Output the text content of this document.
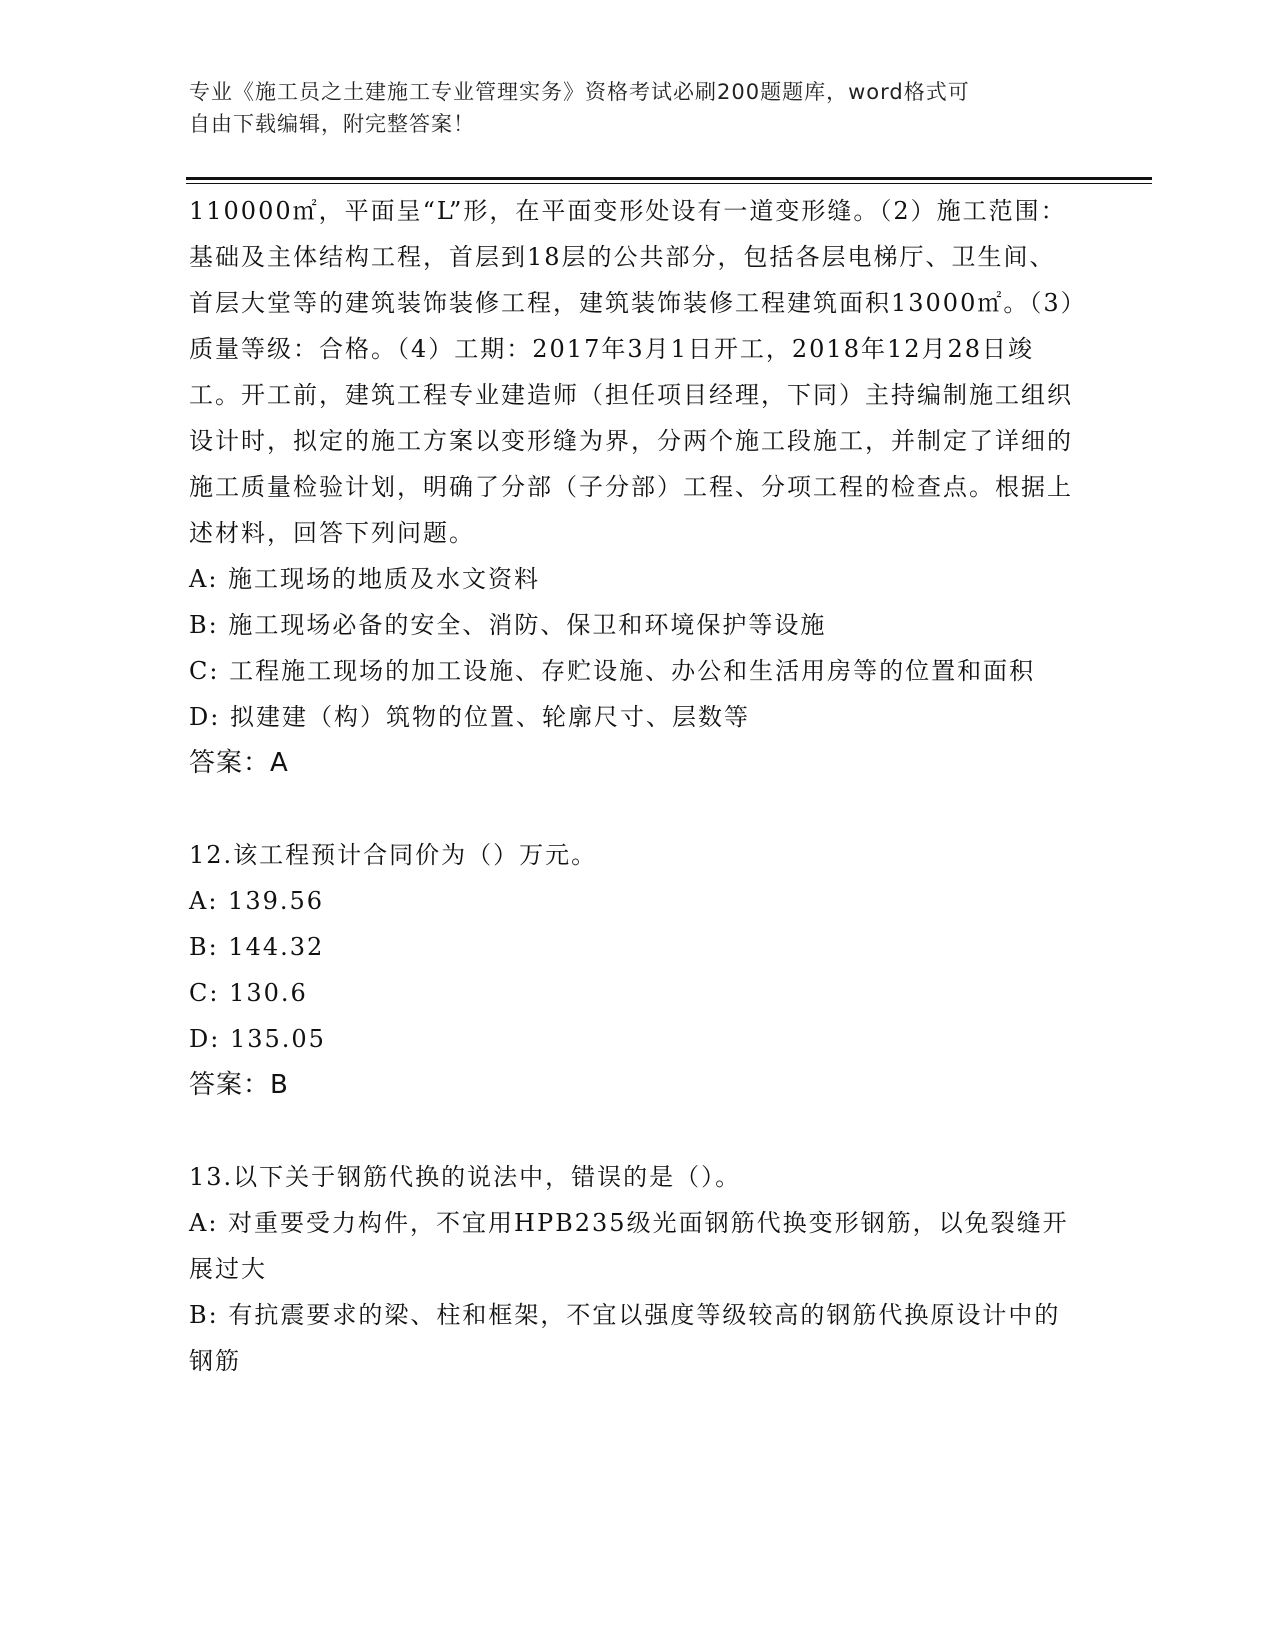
专业《施工员之土建施工专业管理实务》资格考试必刷200题题库，word格式可
自由下载编辑，附完整答案！

110000㎡，平面呈“L”形，在平面变形处设有一道变形缝。（2）施工范围：基础及主体结构工程，首层到18层的公共部分，包括各层电梯厅、卫生间、首层大堂等的建筑装饰装修工程，建筑装饰装修工程建筑面积13000㎡。（3）质量等级：合格。（4）工期：2017年3月1日开工，2018年12月28日竣工。开工前，建筑工程专业建造师（担任项目经理，下同）主持编制施工组织设计时，拟定的施工方案以变形缝为界，分两个施工段施工，并制定了详细的施工质量检验计划，明确了分部（子分部）工程、分项工程的检查点。根据上述材料，回答下列问题。

A: 施工现场的地质及水文资料

B: 施工现场必备的安全、消防、保卫和环境保护等设施

C: 工程施工现场的加工设施、存贮设施、办公和生活用房等的位置和面积

D: 拟建建（构）筑物的位置、轮廓尺寸、层数等

答案：A

12.该工程预计合同价为（）万元。

A: 139.56

B: 144.32

C: 130.6

D: 135.05

答案：B

13.以下关于钢筋代换的说法中，错误的是（）。

A: 对重要受力构件，不宜用HPB235级光面钢筋代换变形钢筋，以免裂缝开展过大

B: 有抗震要求的梁、柱和框架，不宜以强度等级较高的钢筋代换原设计中的钢筋
